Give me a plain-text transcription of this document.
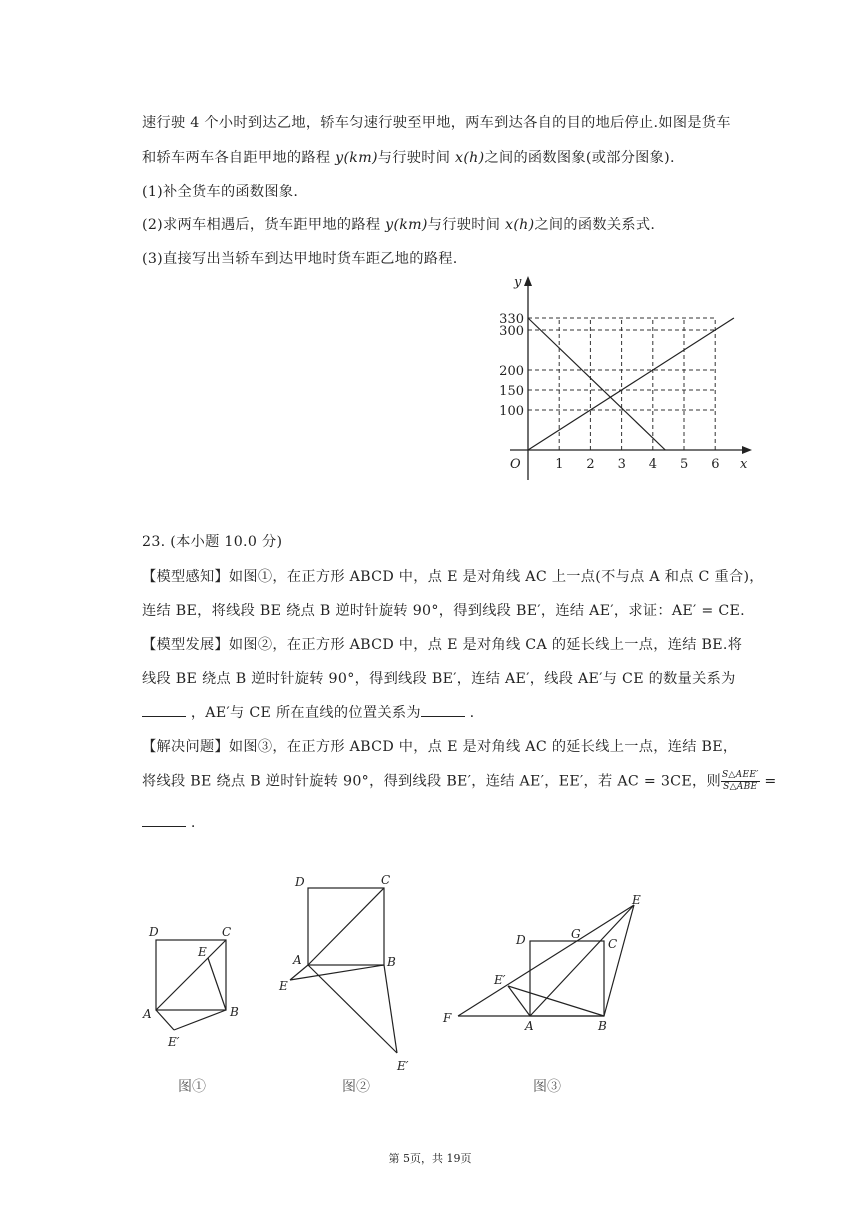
速行驶 4 个小时到达乙地，轿车匀速行驶至甲地，两车到达各自的目的地后停止.如图是货车
和轿车两车各自距甲地的路程 y(km)与行驶时间 x(h)之间的函数图象(或部分图象).
(1)补全货车的函数图象.
(2)求两车相遇后，货车距甲地的路程 y(km)与行驶时间 x(h)之间的函数关系式.
(3)直接写出当轿车到达甲地时货车距乙地的路程.
1 2 3 4 5 6
100
150
200
300
330
O	x
y
23. (本小题 10.0 分)
【模型感知】如图①，在正方形 ABCD 中，点 E 是对角线 AC 上一点(不与点 A 和点 C 重合)，
连结 BE，将线段 BE 绕点 B 逆时针旋转 90°，得到线段 BE′，连结 AE′，求证：AE′ = CE.
【模型发展】如图②，在正方形 ABCD 中，点 E 是对角线 CA 的延长线上一点，连结 BE.将
线段 BE 绕点 B 逆时针旋转 90°，得到线段 BE′，连结 AE′，线段 AE′与 CE 的数量关系为
，AE′与 CE 所在直线的位置关系为	.
【解决问题】如图③，在正方形 ABCD 中，点 E 是对角线 AC 的延长线上一点，连结 BE，
将线段 BE 绕点 B 逆时针旋转 90°，得到线段 BE′，连结 AE′，EE′，若 AC = 3CE，则 $\frac{\text{S△AEE′}}{\text{S△ABE}}$ =
.
D	C
E
A	B
E′
图①
D	C
A	B
E
E′
图②
D	G
C
E
E′
F
A	B
图③
第 5页，共 19页
